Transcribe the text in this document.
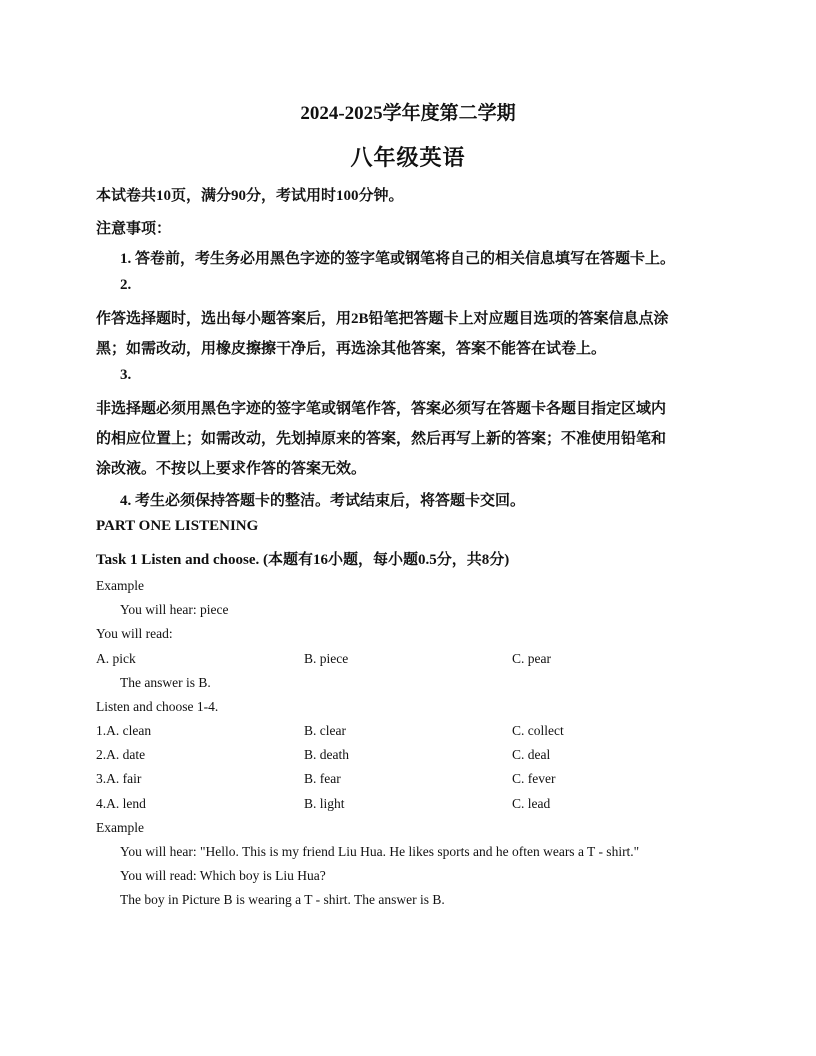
2024-2025学年度第二学期
八年级英语
本试卷共10页，满分90分，考试用时100分钟。
注意事项：
1. 答卷前，考生务必用黑色字迹的签字笔或钢笔将自己的相关信息填写在答题卡上。
2.
作答选择题时，选出每小题答案后，用2B铅笔把答题卡上对应题目选项的答案信息点涂
黑；如需改动，用橡皮擦擦干净后，再选涂其他答案，答案不能答在试卷上。
3.
非选择题必须用黑色字迹的签字笔或钢笔作答，答案必须写在答题卡各题目指定区域内
的相应位置上；如需改动，先划掉原来的答案，然后再写上新的答案；不准使用铅笔和
涂改液。不按以上要求作答的答案无效。
4. 考生必须保持答题卡的整洁。考试结束后，将答题卡交回。
PART ONE LISTENING
Task 1 Listen and choose. (本题有16小题，每小题0.5分，共8分)
Example
You will hear: piece
You will read:
A. pick	B. piece	C. pear
The answer is B.
Listen and choose 1-4.
1.A. clean	B. clear	C. collect
2.A. date	B. death	C. deal
3.A. fair	B. fear	C. fever
4.A. lend	B. light	C. lead
Example
You will hear: "Hello. This is my friend Liu Hua. He likes sports and he often wears a T - shirt."
You will read: Which boy is Liu Hua?
The boy in Picture B is wearing a T - shirt. The answer is B.
